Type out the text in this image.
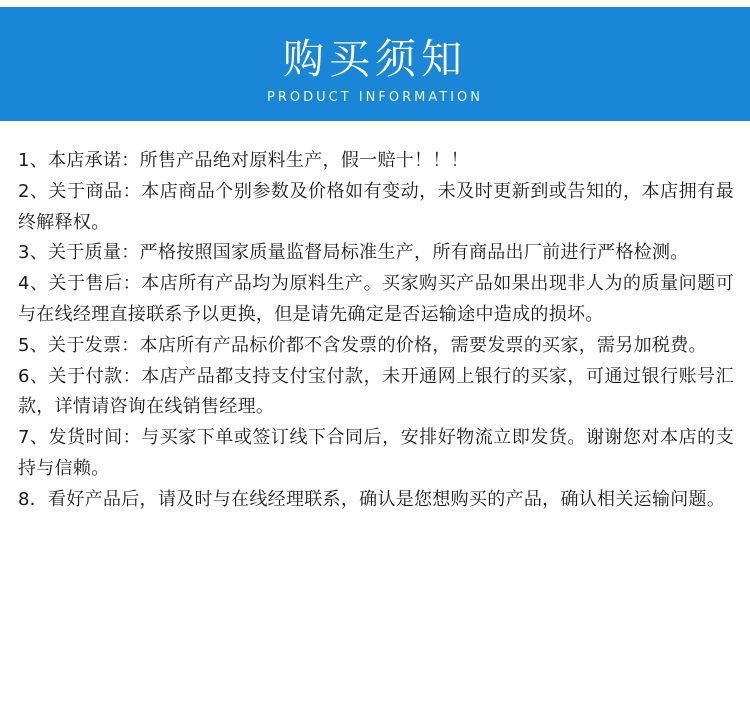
购买须知
PRODUCT INFORMATION
1、本店承诺：所售产品绝对原料生产，假一赔十！！！
2、关于商品：本店商品个别参数及价格如有变动，未及时更新到或告知的，本店拥有最终解释权。
3、关于质量：严格按照国家质量监督局标准生产，所有商品出厂前进行严格检测。
4、关于售后：本店所有产品均为原料生产。买家购买产品如果出现非人为的质量问题可与在线经理直接联系予以更换，但是请先确定是否运输途中造成的损坏。
5、关于发票：本店所有产品标价都不含发票的价格，需要发票的买家，需另加税费。
6、关于付款：本店产品都支持支付宝付款，未开通网上银行的买家，可通过银行账号汇款，详情请咨询在线销售经理。
7、发货时间：与买家下单或签订线下合同后，安排好物流立即发货。谢谢您对本店的支持与信赖。
8．看好产品后，请及时与在线经理联系，确认是您想购买的产品，确认相关运输问题。
